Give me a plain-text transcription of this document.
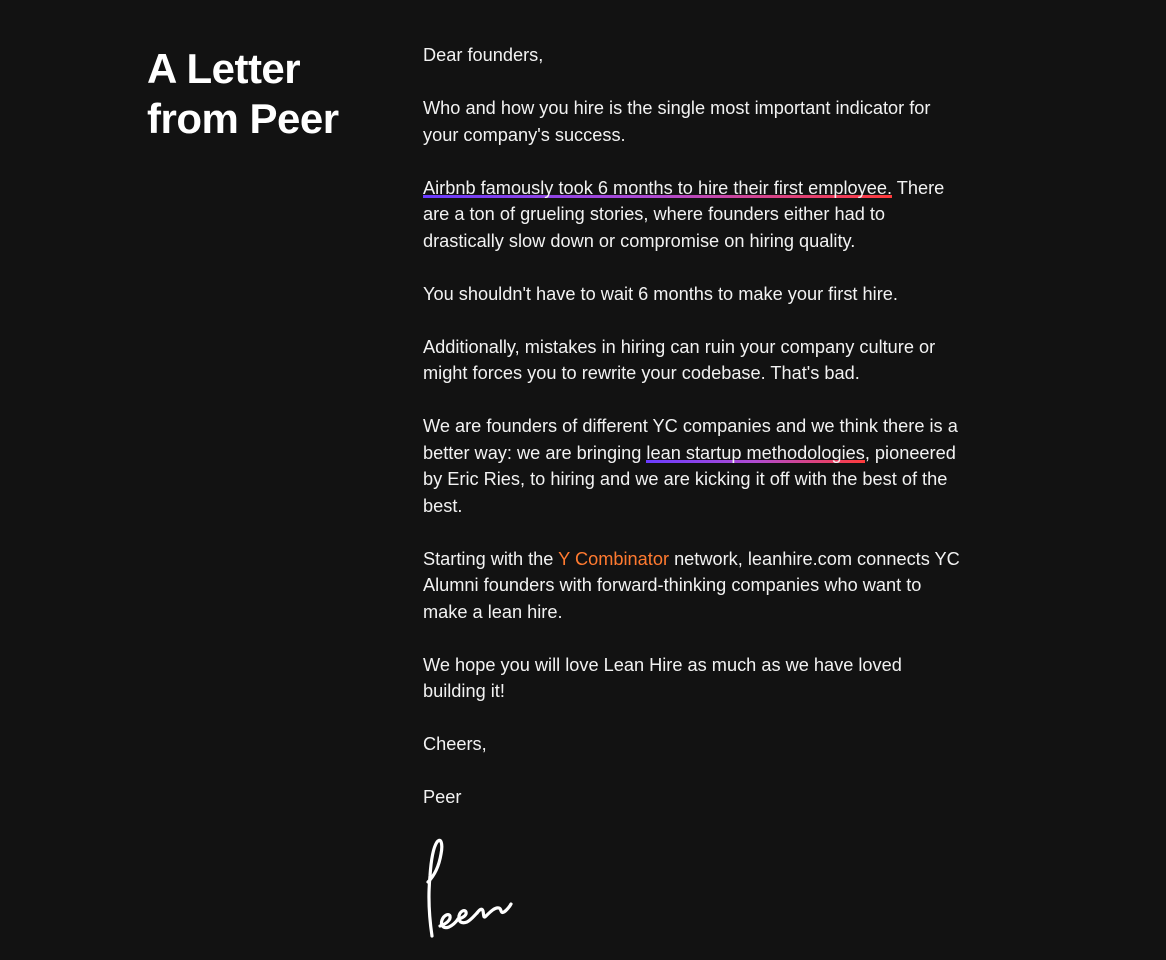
A Letter
from Peer

Dear founders,

Who and how you hire is the single most important indicator for your company's success.

Airbnb famously took 6 months to hire their first employee. There are a ton of grueling stories, where founders either had to drastically slow down or compromise on hiring quality.

You shouldn't have to wait 6 months to make your first hire.

Additionally, mistakes in hiring can ruin your company culture or might forces you to rewrite your codebase. That's bad.

We are founders of different YC companies and we think there is a better way: we are bringing lean startup methodologies, pioneered by Eric Ries, to hiring and we are kicking it off with the best of the best.

Starting with the Y Combinator network, leanhire.com connects YC Alumni founders with forward-thinking companies who want to make a lean hire.

We hope you will love Lean Hire as much as we have loved building it!

Cheers,

Peer
